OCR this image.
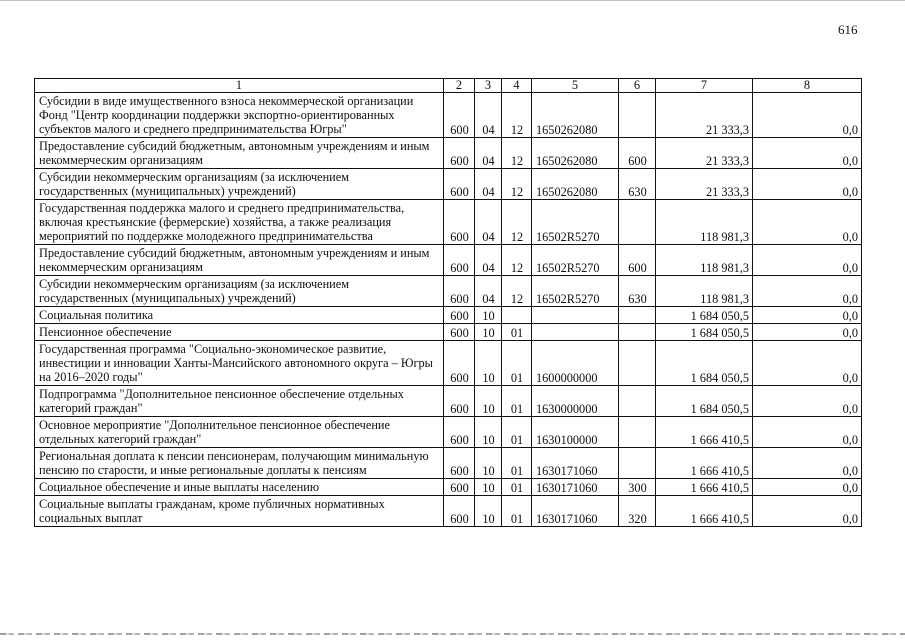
616
1	2	3	4	5	6	7	8
Субсидии в виде имущественного взноса некоммерческой организации Фонд "Центр координации поддержки экспортно-ориентированных субъектов малого и среднего предпринимательства Югры"	600	04	12	1650262080		21 333,3	0,0
Предоставление субсидий бюджетным, автономным учреждениям и иным некоммерческим организациям	600	04	12	1650262080	600	21 333,3	0,0
Субсидии некоммерческим организациям (за исключением государственных (муниципальных) учреждений)	600	04	12	1650262080	630	21 333,3	0,0
Государственная поддержка малого и среднего предпринимательства, включая крестьянские (фермерские) хозяйства, а также реализация мероприятий по поддержке молодежного предпринимательства	600	04	12	16502R5270		118 981,3	0,0
Предоставление субсидий бюджетным, автономным учреждениям и иным некоммерческим организациям	600	04	12	16502R5270	600	118 981,3	0,0
Субсидии некоммерческим организациям (за исключением государственных (муниципальных) учреждений)	600	04	12	16502R5270	630	118 981,3	0,0
Социальная политика	600	10				1 684 050,5	0,0
Пенсионное обеспечение	600	10	01			1 684 050,5	0,0
Государственная программа "Социально-экономическое развитие, инвестиции и инновации Ханты-Мансийского автономного округа – Югры на 2016–2020 годы"	600	10	01	1600000000		1 684 050,5	0,0
Подпрограмма "Дополнительное пенсионное обеспечение отдельных категорий граждан"	600	10	01	1630000000		1 684 050,5	0,0
Основное мероприятие "Дополнительное пенсионное обеспечение отдельных категорий граждан"	600	10	01	1630100000		1 666 410,5	0,0
Региональная доплата к пенсии пенсионерам, получающим минимальную пенсию по старости, и иные региональные доплаты к пенсиям	600	10	01	1630171060		1 666 410,5	0,0
Социальное обеспечение и иные выплаты населению	600	10	01	1630171060	300	1 666 410,5	0,0
Социальные выплаты гражданам, кроме публичных нормативных социальных выплат	600	10	01	1630171060	320	1 666 410,5	0,0
